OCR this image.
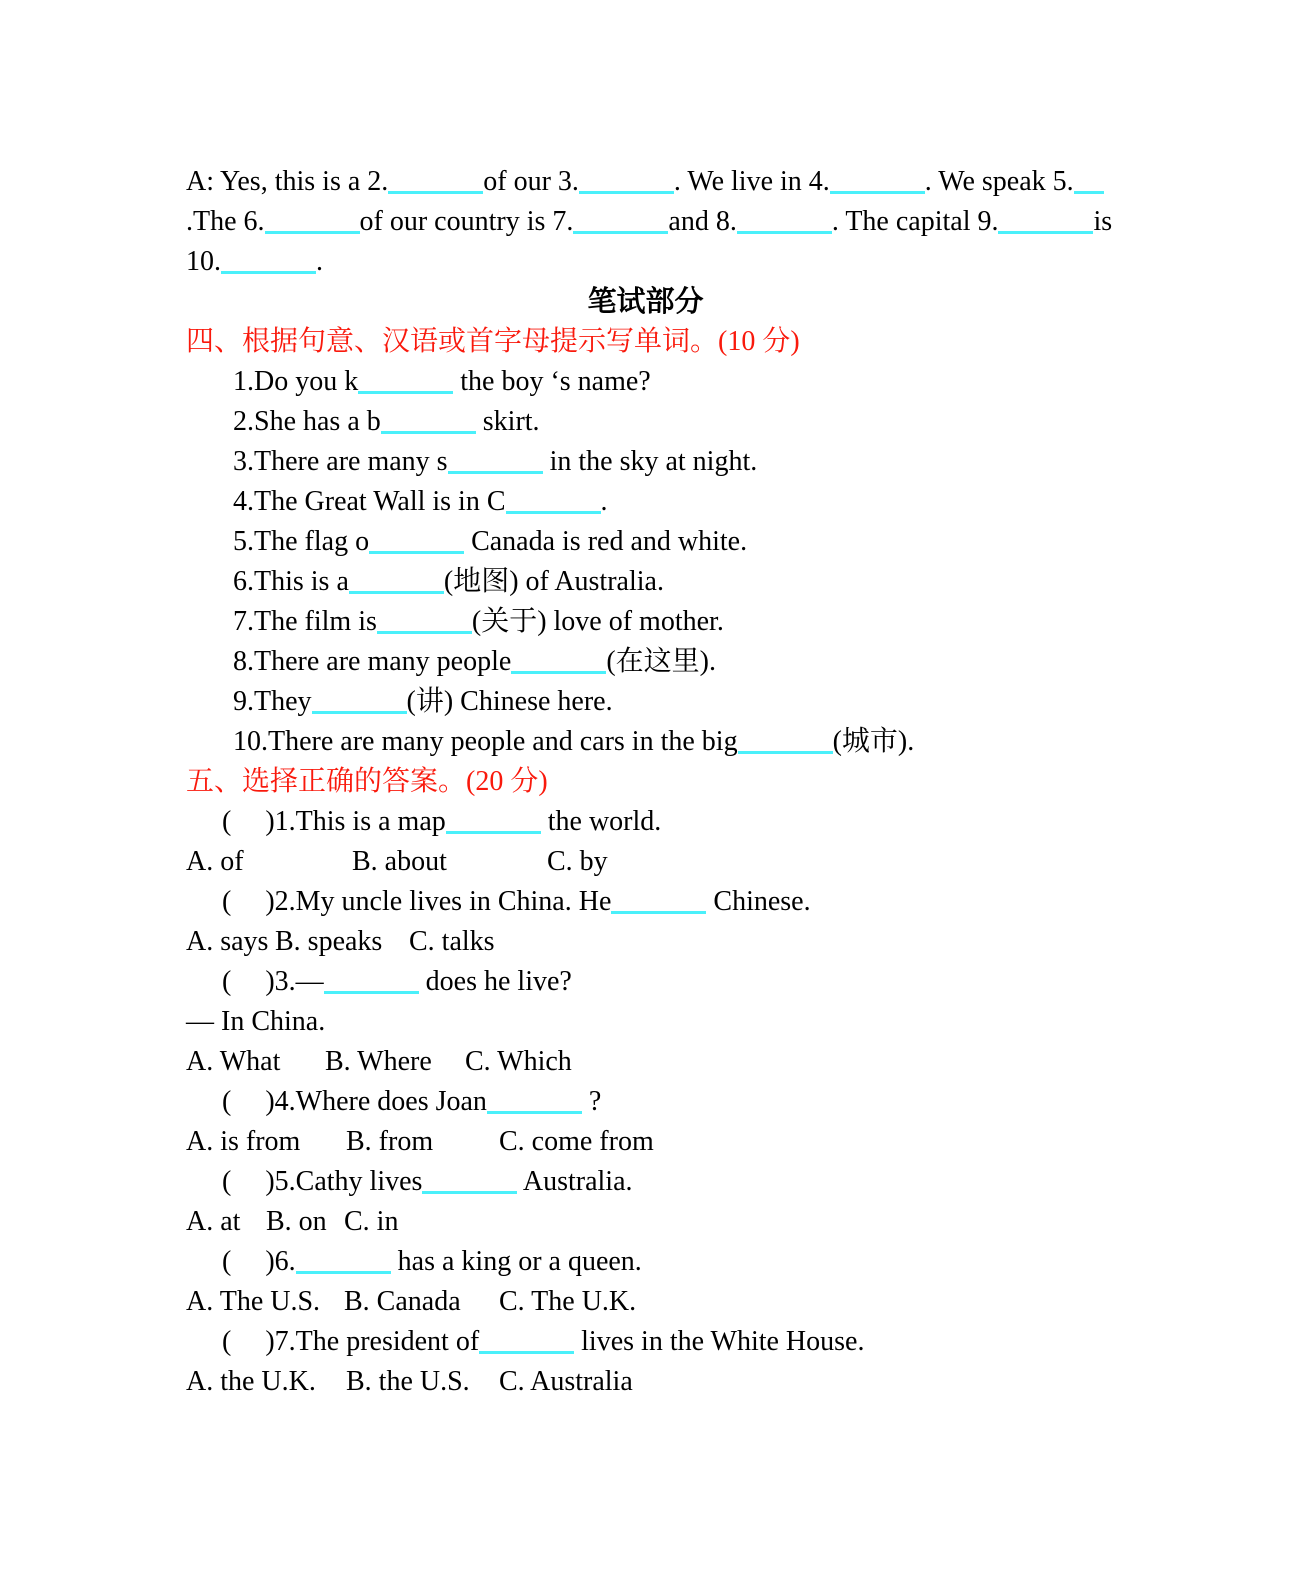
A: Yes, this is a 2.	of our 3.	. We live in 4.	. We speak 5.
.The 6.	of our country is 7.	and 8.	. The capital 9.	is
10.	.
笔试部分
四、根据句意、汉语或首字母提示写单词。(10 分)
1.Do you k	the boy ‘s name?
2.She has a b	skirt.
3.There are many s	in the sky at night.
4.The Great Wall is in C	.
5.The flag o	Canada is red and white.
6.This is a	(地图) of Australia.
7.The film is	(关于) love of mother.
8.There are many people	(在这里).
9.They	(讲) Chinese here.
10.There are many people and cars in the big	(城市).
五、选择正确的答案。(20 分)
( )1.This is a map	the world.
A. of	B. about	C. by
( )2.My uncle lives in China. He	Chinese.
A. says B. speaks C. talks
( )3.—	does he live?
— In China.
A. What B. Where C. Which
( )4.Where does Joan	?
A. is from B. from C. come from
( )5.Cathy lives	Australia.
A. at B. on C. in
( )6.	has a king or a queen.
A. The U.S. B. Canada C. The U.K.
( )7.The president of	lives in the White House.
A. the U.K. B. the U.S. C. Australia
